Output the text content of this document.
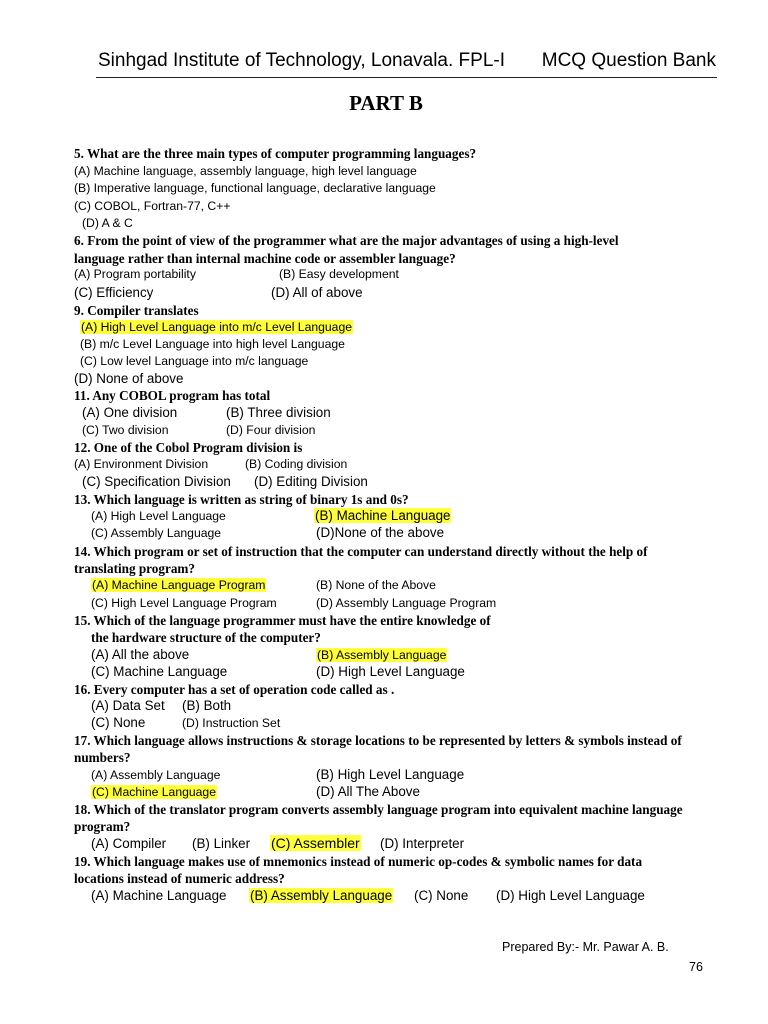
Sinhgad Institute of Technology, Lonavala. FPL-I MCQ Question Bank
PART B
5. What are the three main types of computer programming languages?
(A) Machine language, assembly language, high level language
(B) Imperative language, functional language, declarative language
(C) COBOL, Fortran-77, C++
(D) A & C
6. From the point of view of the programmer what are the major advantages of using a high-level
language rather than internal machine code or assembler language?
(A) Program portability	(B) Easy development
(C) Efficiency	(D) All of above
9. Compiler translates
(A) High Level Language into m/c Level Language
(B) m/c Level Language into high level Language
(C) Low level Language into m/c language
(D) None of above
11. Any COBOL program has total
(A) One division	(B) Three division
(C) Two division	(D) Four division
12. One of the Cobol Program division is
(A) Environment Division	(B) Coding division
(C) Specification Division (D) Editing Division
13. Which language is written as string of binary 1s and 0s?
(A) High Level Language	(B) Machine Language
(C) Assembly Language	(D)None of the above
14. Which program or set of instruction that the computer can understand directly without the help of
translating program?
(A) Machine Language Program	(B) None of the Above
(C) High Level Language Program	(D) Assembly Language Program
15. Which of the language programmer must have the entire knowledge of
the hardware structure of the computer?
(A) All the above	(B) Assembly Language
(C) Machine Language	(D) High Level Language
16. Every computer has a set of operation code called as .
(A) Data Set (B) Both
(C) None	(D) Instruction Set
17. Which language allows instructions & storage locations to be represented by letters & symbols instead of
numbers?
(A) Assembly Language	(B) High Level Language
(C) Machine Language	(D) All The Above
18. Which of the translator program converts assembly language program into equivalent machine language
program?
(A) Compiler (B) Linker (C) Assembler (D) Interpreter
19. Which language makes use of mnemonics instead of numeric op-codes & symbolic names for data
locations instead of numeric address?
(A) Machine Language (B) Assembly Language (C) None (D) High Level Language
Prepared By:- Mr. Pawar A. B.
76
